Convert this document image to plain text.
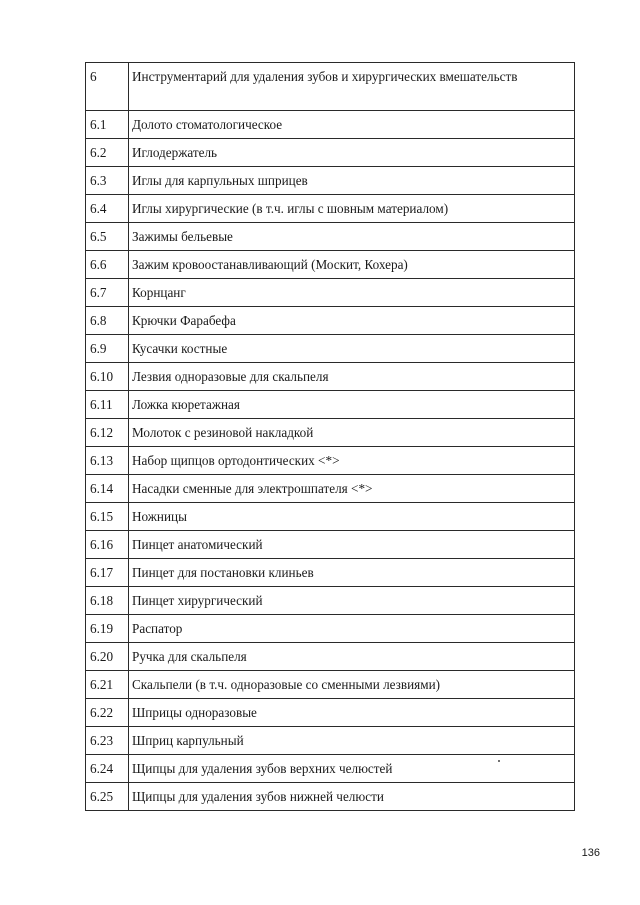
6	Инструментарий для удаления зубов и хирургических вмешательств
6.1	Долото стоматологическое
6.2	Иглодержатель
6.3	Иглы для карпульных шприцев
6.4	Иглы хирургические (в т.ч. иглы с шовным материалом)
6.5	Зажимы бельевые
6.6	Зажим кровоостанавливающий (Москит, Кохера)
6.7	Корнцанг
6.8	Крючки Фарабефа
6.9	Кусачки костные
6.10	Лезвия одноразовые для скальпеля
6.11	Ложка кюретажная
6.12	Молоток с резиновой накладкой
6.13	Набор щипцов ортодонтических <*>
6.14	Насадки сменные для электрошпателя <*>
6.15	Ножницы
6.16	Пинцет анатомический
6.17	Пинцет для постановки клиньев
6.18	Пинцет хирургический
6.19	Распатор
6.20	Ручка для скальпеля
6.21	Скальпели (в т.ч. одноразовые со сменными лезвиями)
6.22	Шприцы одноразовые
6.23	Шприц карпульный
6.24	Щипцы для удаления зубов верхних челюстей
6.25	Щипцы для удаления зубов нижней челюсти
136
